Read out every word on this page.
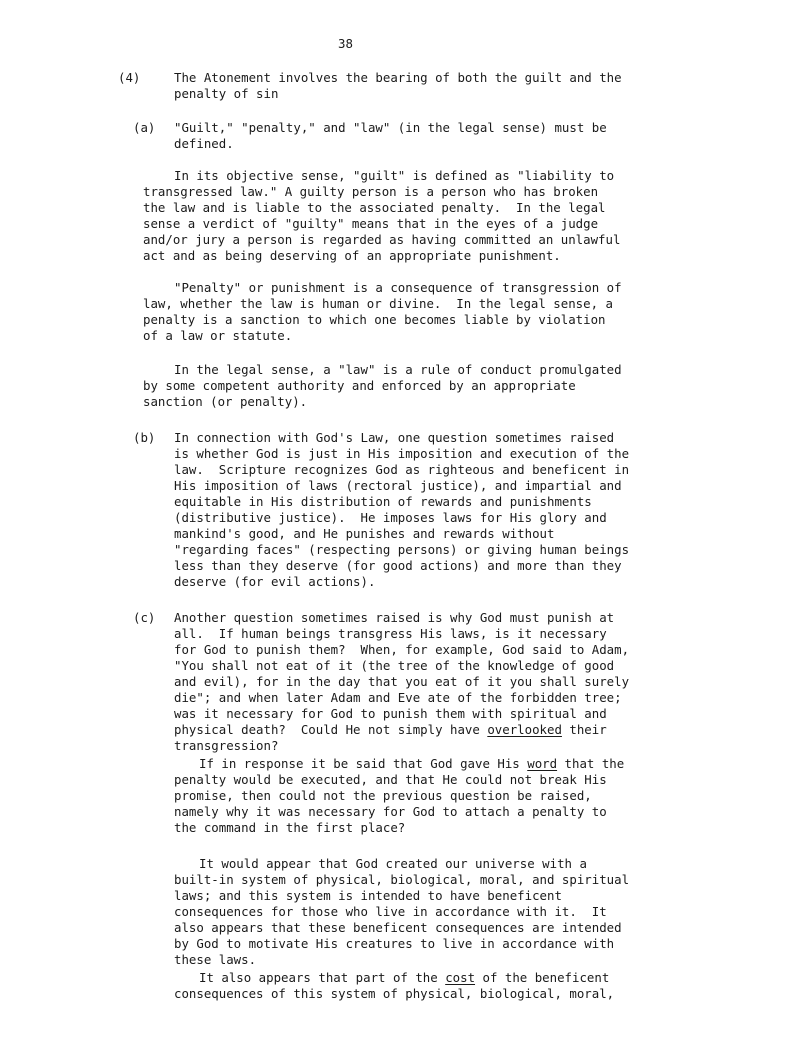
38
(4)	The Atonement involves the bearing of both the guilt and the
penalty of sin
(a) "Guilt," "penalty," and "law" (in the legal sense) must be
defined.
In its objective sense, "guilt" is defined as "liability to
transgressed law." A guilty person is a person who has broken
the law and is liable to the associated penalty.  In the legal
sense a verdict of "guilty" means that in the eyes of a judge
and/or jury a person is regarded as having committed an unlawful
act and as being deserving of an appropriate punishment.
"Penalty" or punishment is a consequence of transgression of
law, whether the law is human or divine.  In the legal sense, a
penalty is a sanction to which one becomes liable by violation
of a law or statute.
In the legal sense, a "law" is a rule of conduct promulgated
by some competent authority and enforced by an appropriate
sanction (or penalty).
(b) In connection with God's Law, one question sometimes raised
is whether God is just in His imposition and execution of the
law.  Scripture recognizes God as righteous and beneficent in
His imposition of laws (rectoral justice), and impartial and
equitable in His distribution of rewards and punishments
(distributive justice).  He imposes laws for His glory and
mankind's good, and He punishes and rewards without
"regarding faces" (respecting persons) or giving human beings
less than they deserve (for good actions) and more than they
deserve (for evil actions).
(c) Another question sometimes raised is why God must punish at
all.  If human beings transgress His laws, is it necessary
for God to punish them?  When, for example, God said to Adam,
"You shall not eat of it (the tree of the knowledge of good
and evil), for in the day that you eat of it you shall surely
die"; and when later Adam and Eve ate of the forbidden tree;
was it necessary for God to punish them with spiritual and
physical death?  Could He not simply have overlooked their
transgression?
If in response it be said that God gave His word that the
penalty would be executed, and that He could not break His
promise, then could not the previous question be raised,
namely why it was necessary for God to attach a penalty to
the command in the first place?
It would appear that God created our universe with a
built-in system of physical, biological, moral, and spiritual
laws; and this system is intended to have beneficent
consequences for those who live in accordance with it.  It
also appears that these beneficent consequences are intended
by God to motivate His creatures to live in accordance with
these laws.
It also appears that part of the cost of the beneficent
consequences of this system of physical, biological, moral,
